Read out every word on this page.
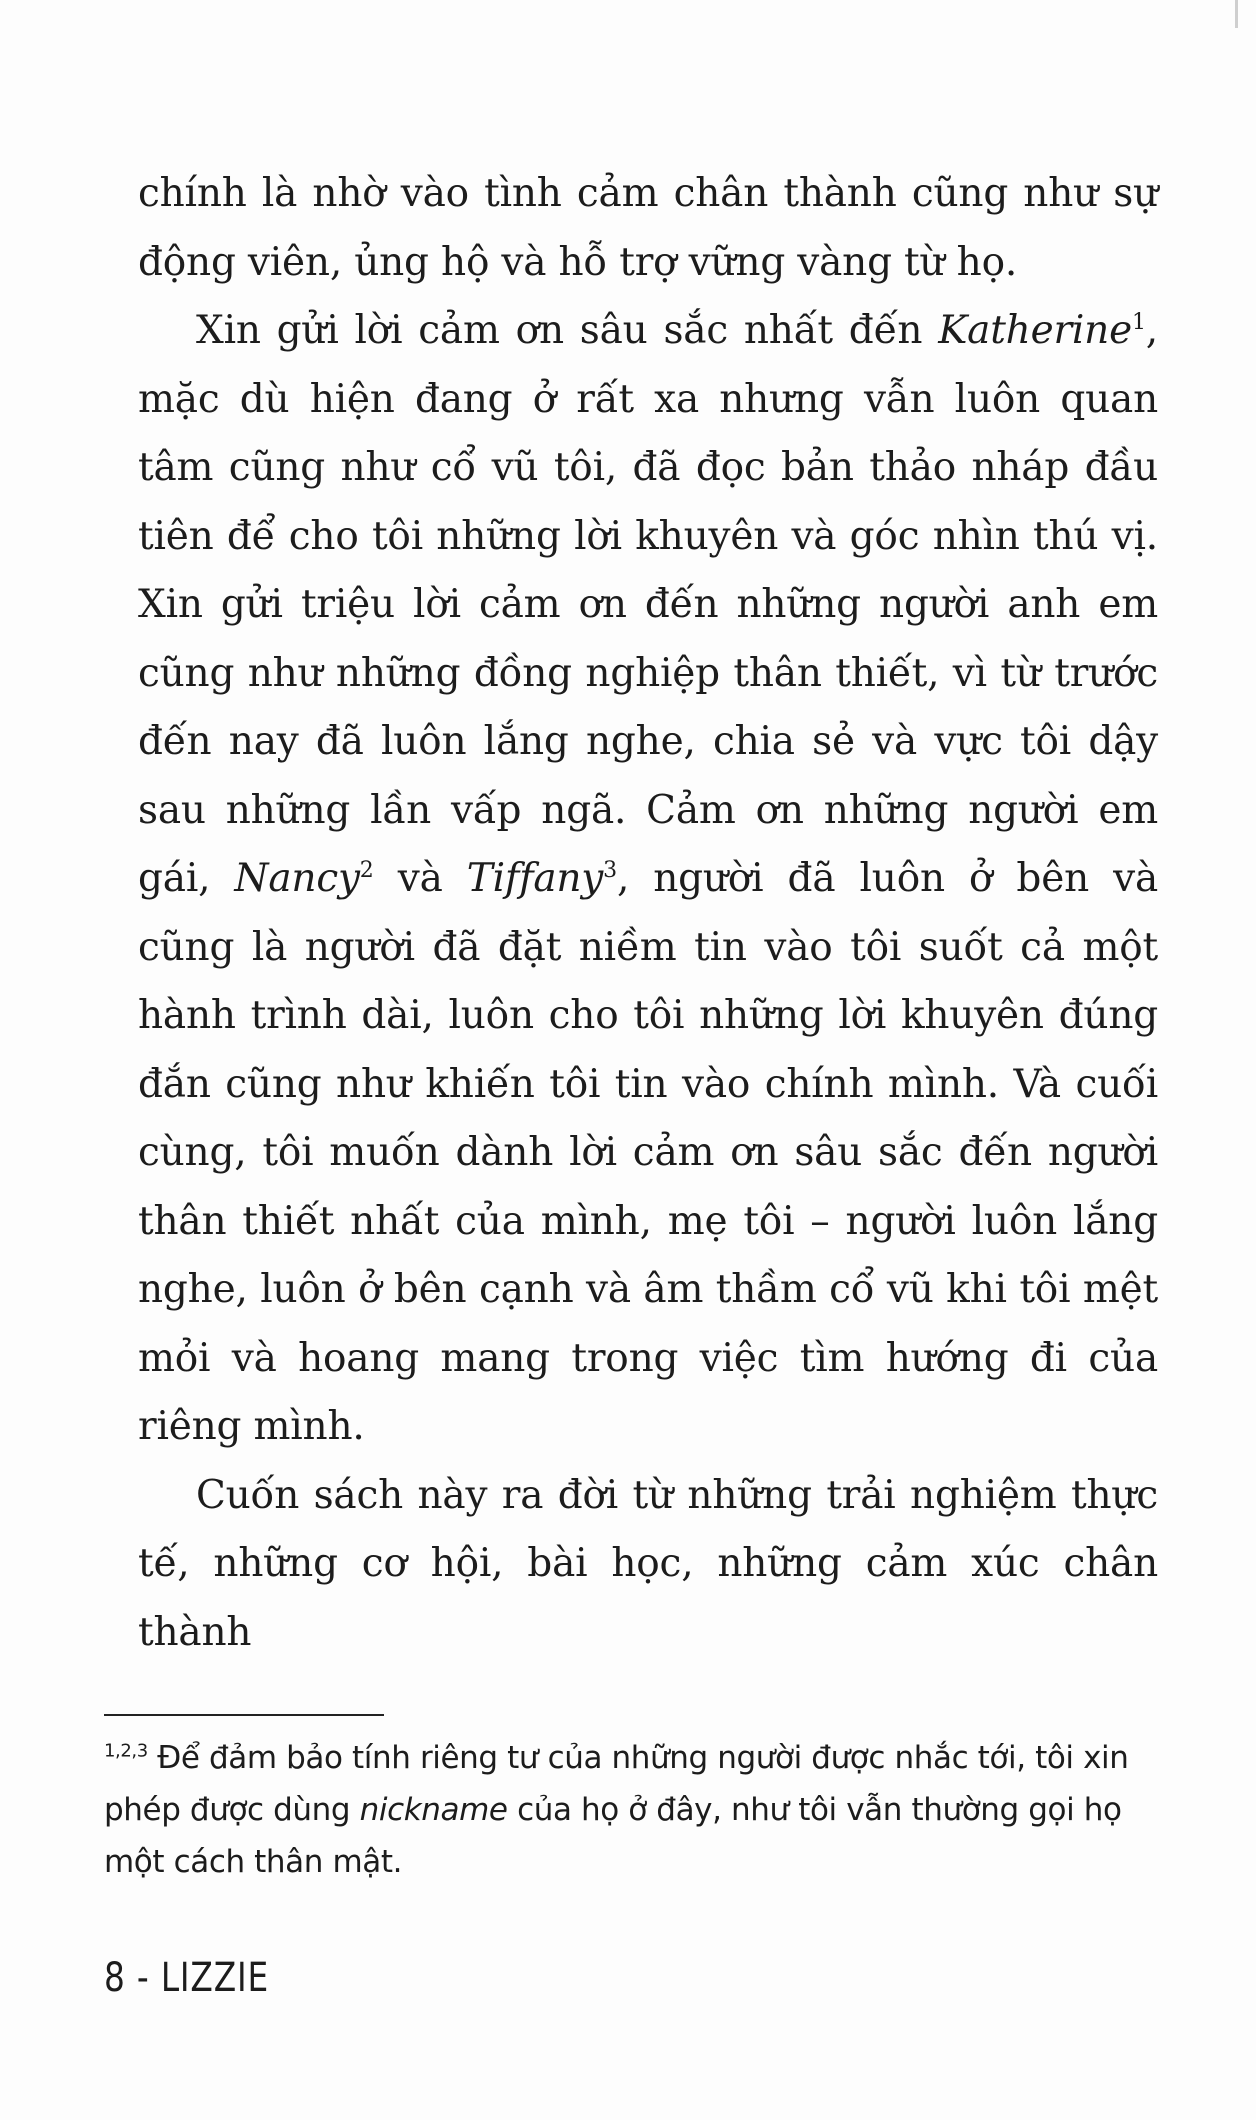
chính là nhờ vào tình cảm chân thành cũng như sự động viên, ủng hộ và hỗ trợ vững vàng từ họ.

Xin gửi lời cảm ơn sâu sắc nhất đến Katherine$^1$, mặc dù hiện đang ở rất xa nhưng vẫn luôn quan tâm cũng như cổ vũ tôi, đã đọc bản thảo nháp đầu tiên để cho tôi những lời khuyên và góc nhìn thú vị. Xin gửi triệu lời cảm ơn đến những người anh em cũng như những đồng nghiệp thân thiết, vì từ trước đến nay đã luôn lắng nghe, chia sẻ và vực tôi dậy sau những lần vấp ngã. Cảm ơn những người em gái, Nancy$^2$ và Tiffany$^3$, người đã luôn ở bên và cũng là người đã đặt niềm tin vào tôi suốt cả một hành trình dài, luôn cho tôi những lời khuyên đúng đắn cũng như khiến tôi tin vào chính mình. Và cuối cùng, tôi muốn dành lời cảm ơn sâu sắc đến người thân thiết nhất của mình, mẹ tôi – người luôn lắng nghe, luôn ở bên cạnh và âm thầm cổ vũ khi tôi mệt mỏi và hoang mang trong việc tìm hướng đi của riêng mình.

Cuốn sách này ra đời từ những trải nghiệm thực tế, những cơ hội, bài học, những cảm xúc chân thành

$^{1,2,3}$ Để đảm bảo tính riêng tư của những người được nhắc tới, tôi xin phép được dùng nickname của họ ở đây, như tôi vẫn thường gọi họ một cách thân mật.
8 - LIZZIE
